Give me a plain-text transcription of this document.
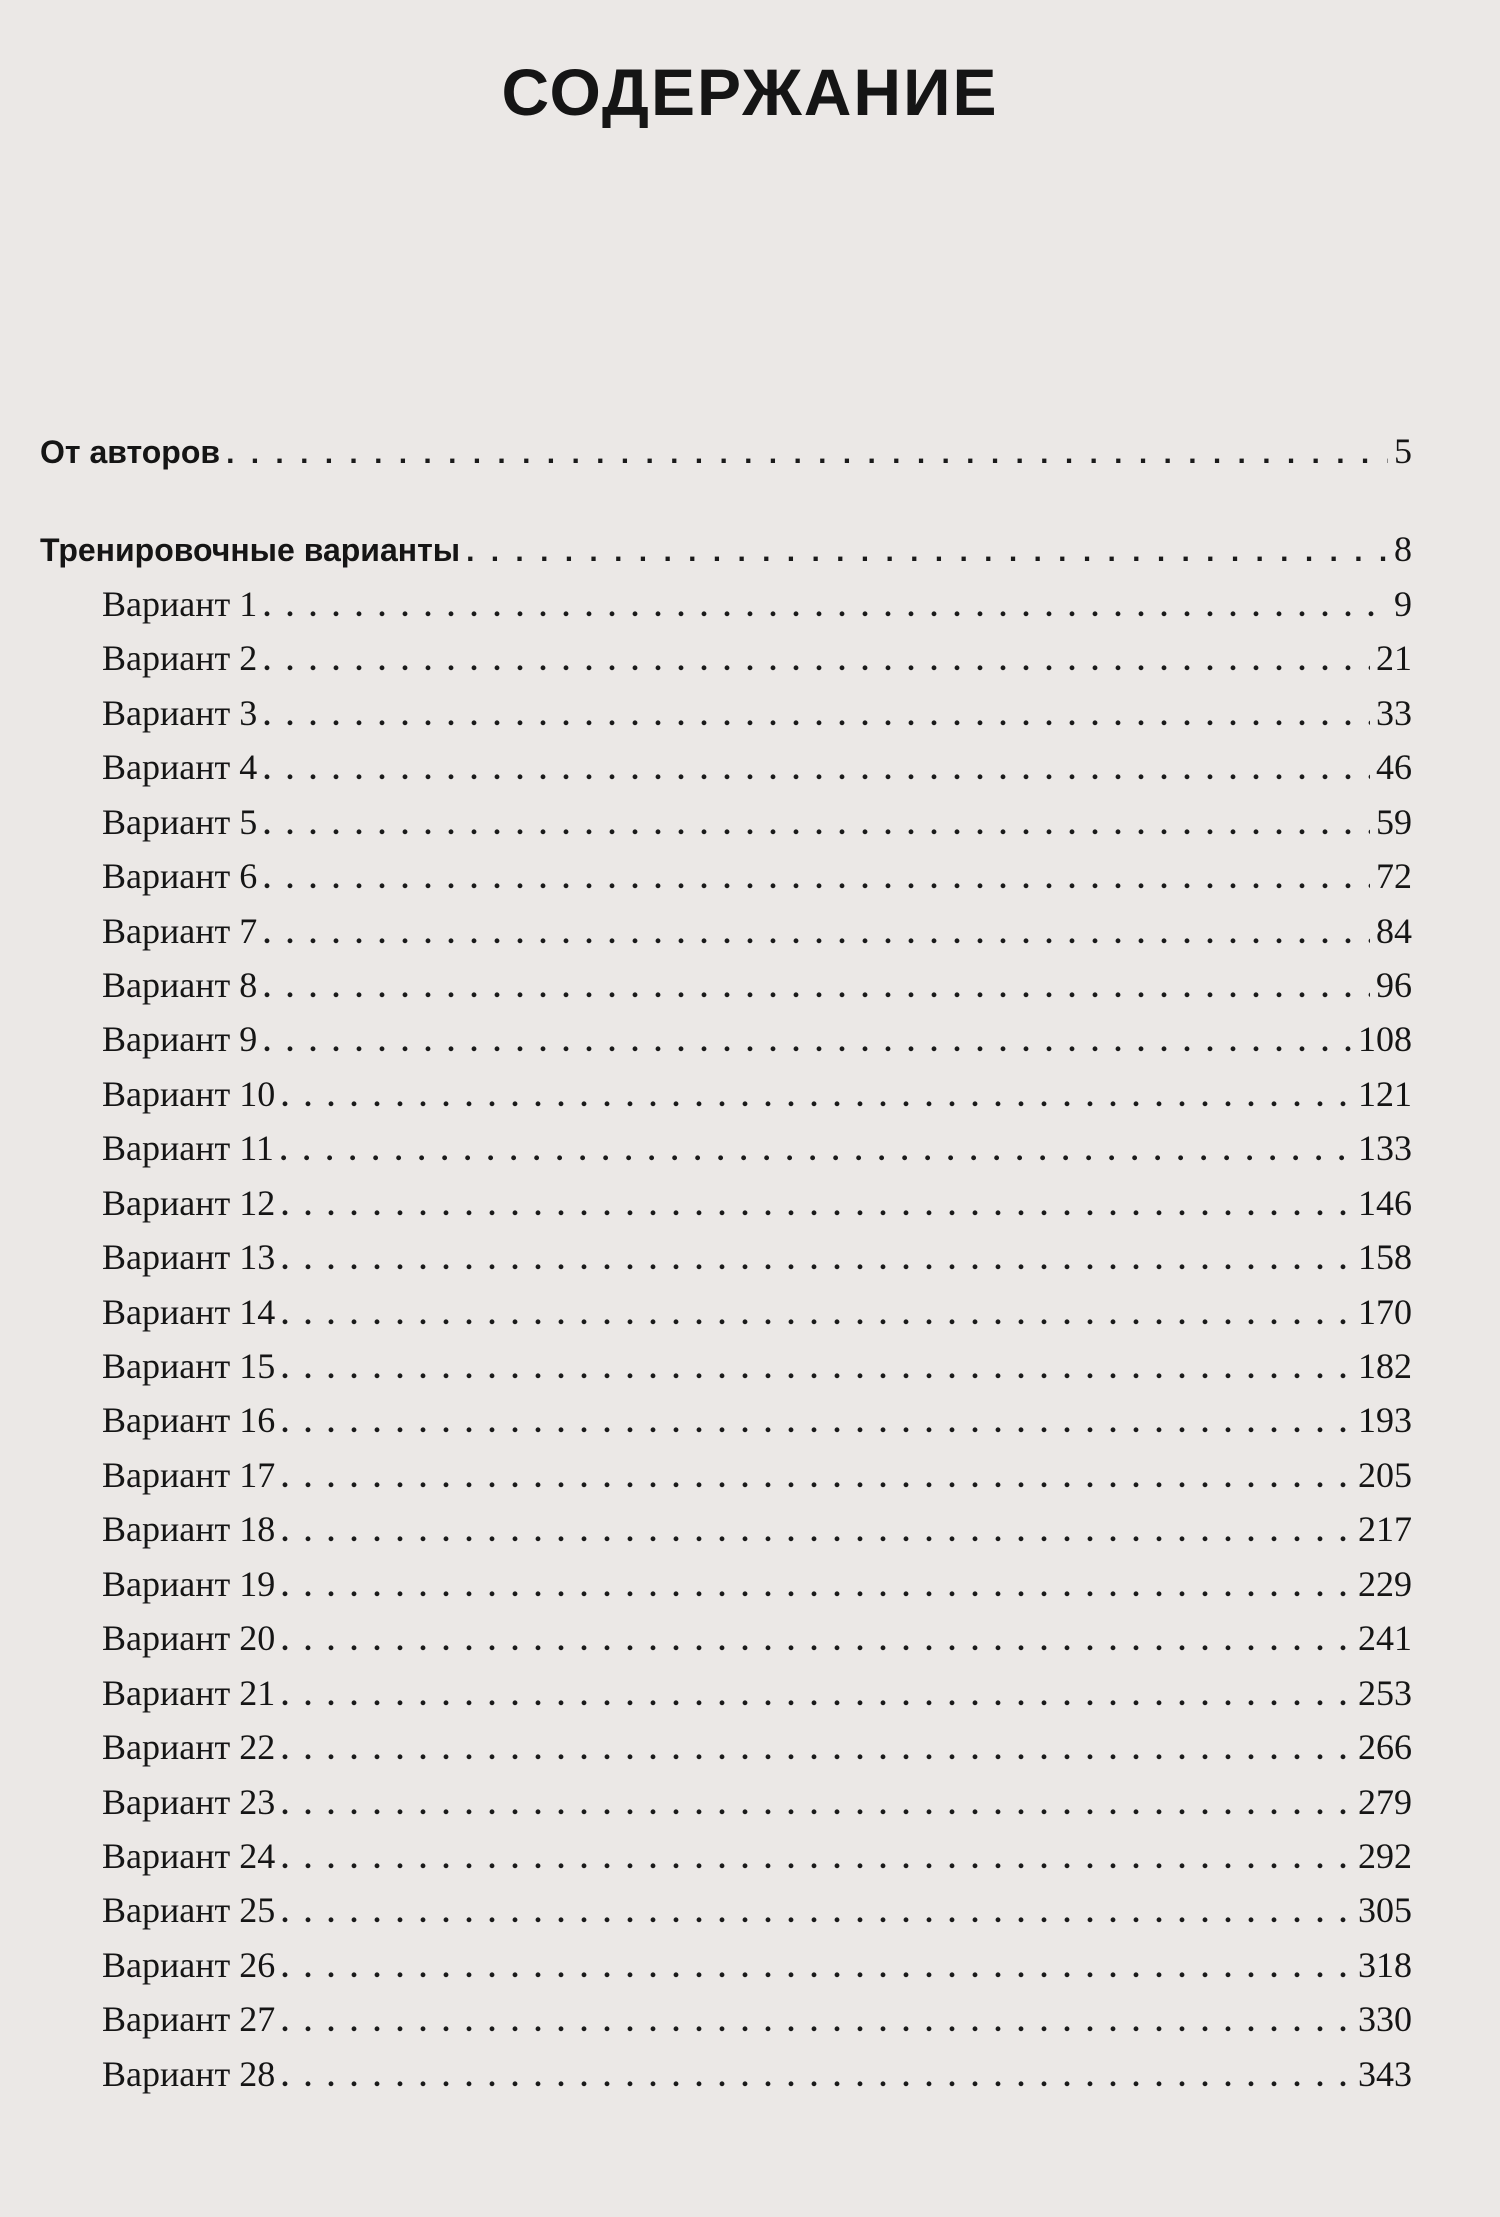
СОДЕРЖАНИЕ
От авторов . . .	5
Тренировочные варианты . . .	8
Вариант 1 . . .	9
Вариант 2 . . .	21
Вариант 3 . . .	33
Вариант 4 . . .	46
Вариант 5 . . .	59
Вариант 6 . . .	72
Вариант 7 . . .	84
Вариант 8 . . .	96
Вариант 9 . . .	108
Вариант 10 . . .	121
Вариант 11 . . .	133
Вариант 12 . . .	146
Вариант 13 . . .	158
Вариант 14 . . .	170
Вариант 15 . . .	182
Вариант 16 . . .	193
Вариант 17 . . .	205
Вариант 18 . . .	217
Вариант 19 . . .	229
Вариант 20 . . .	241
Вариант 21 . . .	253
Вариант 22 . . .	266
Вариант 23 . . .	279
Вариант 24 . . .	292
Вариант 25 . . .	305
Вариант 26 . . .	318
Вариант 27 . . .	330
Вариант 28 . . .	343
